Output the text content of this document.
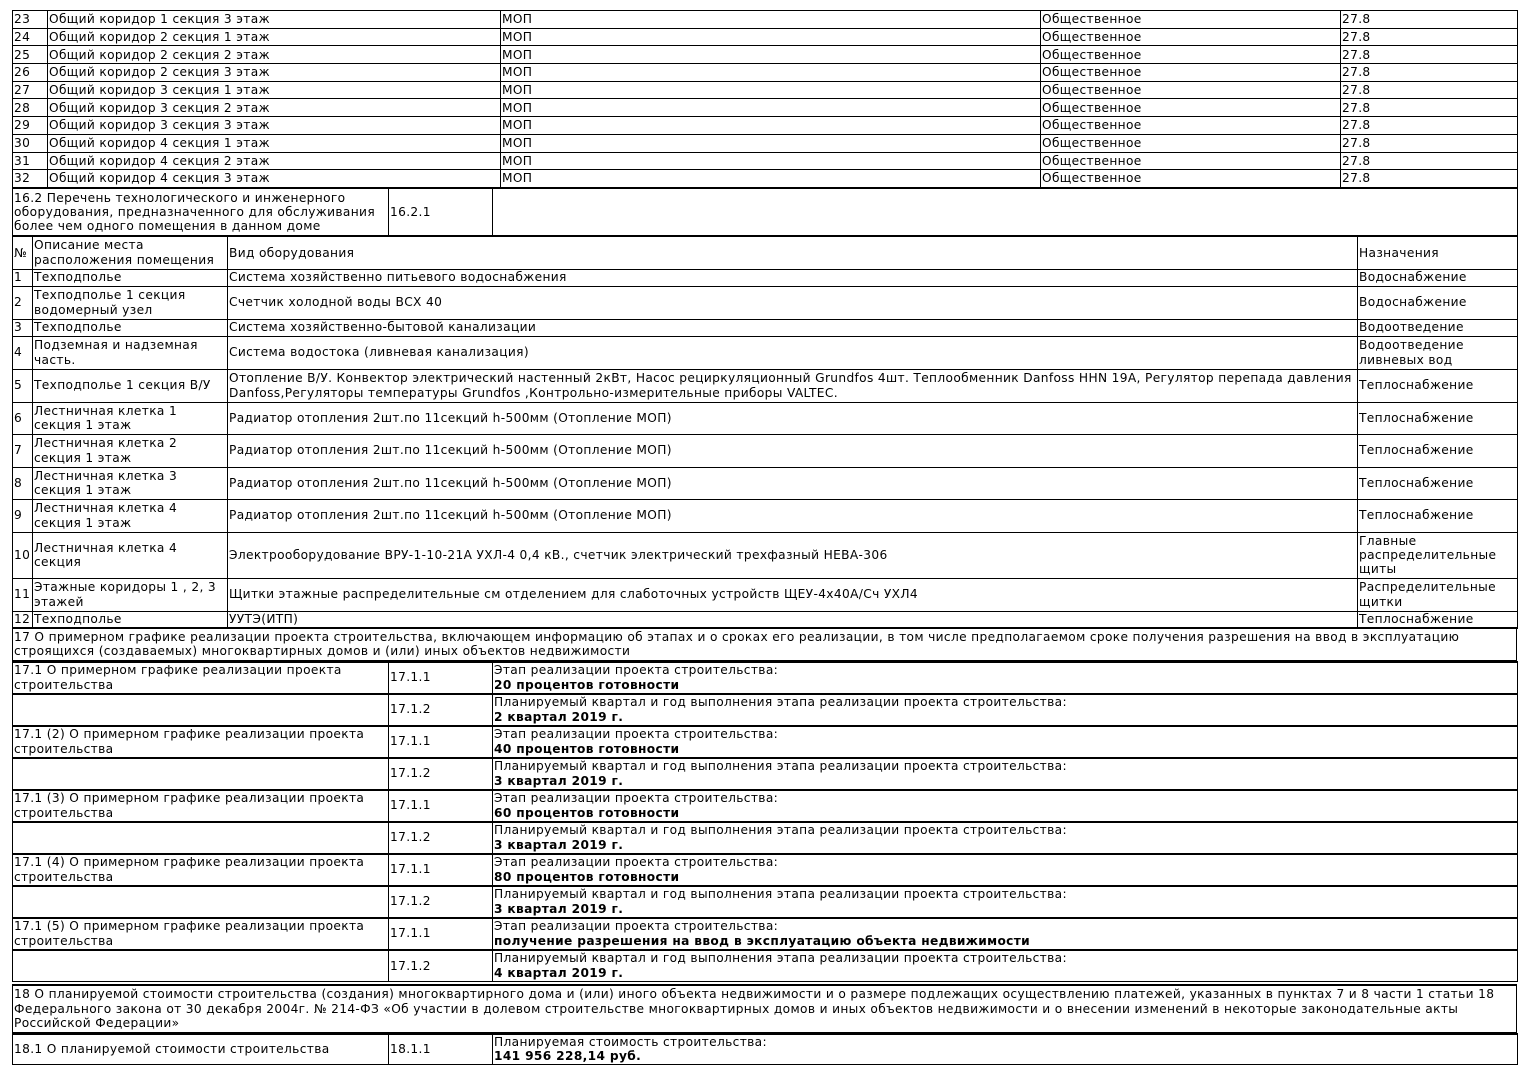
23	Общий коридор 1 секция 3 этаж	МОП	Общественное	27.8
24	Общий коридор 2 секция 1 этаж	МОП	Общественное	27.8
25	Общий коридор 2 секция 2 этаж	МОП	Общественное	27.8
26	Общий коридор 2 секция 3 этаж	МОП	Общественное	27.8
27	Общий коридор 3 секция 1 этаж	МОП	Общественное	27.8
28	Общий коридор 3 секция 2 этаж	МОП	Общественное	27.8
29	Общий коридор 3 секция 3 этаж	МОП	Общественное	27.8
30	Общий коридор 4 секция 1 этаж	МОП	Общественное	27.8
31	Общий коридор 4 секция 2 этаж	МОП	Общественное	27.8
32	Общий коридор 4 секция 3 этаж	МОП	Общественное	27.8
16.2 Перечень технологического и инженерного оборудования, предназначенного для обслуживания более чем одного помещения в данном доме	16.2.1	
№	Описание места расположения помещения	Вид оборудования	Назначения
1	Техподполье	Система хозяйственно питьевого водоснабжения	Водоснабжение
2	Техподполье 1 секция водомерный узел	Счетчик холодной воды ВСХ 40	Водоснабжение
3	Техподполье	Система хозяйственно-бытовой канализации	Водоотведение
4	Подземная и надземная часть.	Система водостока (ливневая канализация)	Водоотведение ливневых вод
5	Техподполье 1 секция В/У	Отопление В/У. Конвектор электрический настенный 2кВт, Насос рециркуляционный Grundfos 4шт. Теплообменник Danfoss HHN 19A, Регулятор перепада давления Danfoss,Регуляторы температуры Grundfos ,Контрольно-измерительные приборы VALTEC.	Теплоснабжение
6	Лестничная клетка 1 секция 1 этаж	Радиатор отопления 2шт.по 11секций h-500мм (Отопление МОП)	Теплоснабжение
7	Лестничная клетка 2 секция 1 этаж	Радиатор отопления 2шт.по 11секций h-500мм (Отопление МОП)	Теплоснабжение
8	Лестничная клетка 3 секция 1 этаж	Радиатор отопления 2шт.по 11секций h-500мм (Отопление МОП)	Теплоснабжение
9	Лестничная клетка 4 секция 1 этаж	Радиатор отопления 2шт.по 11секций h-500мм (Отопление МОП)	Теплоснабжение
10	Лестничная клетка 4 секция	Электрооборудование ВРУ-1-10-21А УХЛ-4 0,4 кВ., счетчик электрический трехфазный НЕВА-306	Главные распределительные щиты
11	Этажные коридоры 1 , 2, 3 этажей	Щитки этажные распределительные см отделением для слаботочных устройств ЩЕУ-4х40А/Сч УХЛ4	Распределительные щитки
12	Техподполье	УУТЭ(ИТП)	Теплоснабжение
17 О примерном графике реализации проекта строительства, включающем информацию об этапах и о сроках его реализации, в том числе предполагаемом сроке получения разрешения на ввод в эксплуатацию строящихся (создаваемых) многоквартирных домов и (или) иных объектов недвижимости
17.1 О примерном графике реализации проекта строительства	17.1.1	Этап реализации проекта строительства:
20 процентов готовности

	17.1.2	Планируемый квартал и год выполнения этапа реализации проекта строительства:
2 квартал 2019 г.

17.1 (2) О примерном графике реализации проекта строительства	17.1.1	Этап реализации проекта строительства:
40 процентов готовности

	17.1.2	Планируемый квартал и год выполнения этапа реализации проекта строительства:
3 квартал 2019 г.

17.1 (3) О примерном графике реализации проекта строительства	17.1.1	Этап реализации проекта строительства:
60 процентов готовности

	17.1.2	Планируемый квартал и год выполнения этапа реализации проекта строительства:
3 квартал 2019 г.

17.1 (4) О примерном графике реализации проекта строительства	17.1.1	Этап реализации проекта строительства:
80 процентов готовности

	17.1.2	Планируемый квартал и год выполнения этапа реализации проекта строительства:
3 квартал 2019 г.

17.1 (5) О примерном графике реализации проекта строительства	17.1.1	Этап реализации проекта строительства:
получение разрешения на ввод в эксплуатацию объекта недвижимости

	17.1.2	Планируемый квартал и год выполнения этапа реализации проекта строительства:
4 квартал 2019 г.
18 О планируемой стоимости строительства (создания) многоквартирного дома и (или) иного объекта недвижимости и о размере подлежащих осуществлению платежей, указанных в пунктах 7 и 8 части 1 статьи 18 Федерального закона от 30 декабря 2004г. № 214-ФЗ «Об участии в долевом строительстве многоквартирных домов и иных объектов недвижимости и о внесении изменений в некоторые законодательные акты Российской Федерации»
18.1 О планируемой стоимости строительства	18.1.1	
Планируемая стоимость строительства:
141 956 228,14 руб.
